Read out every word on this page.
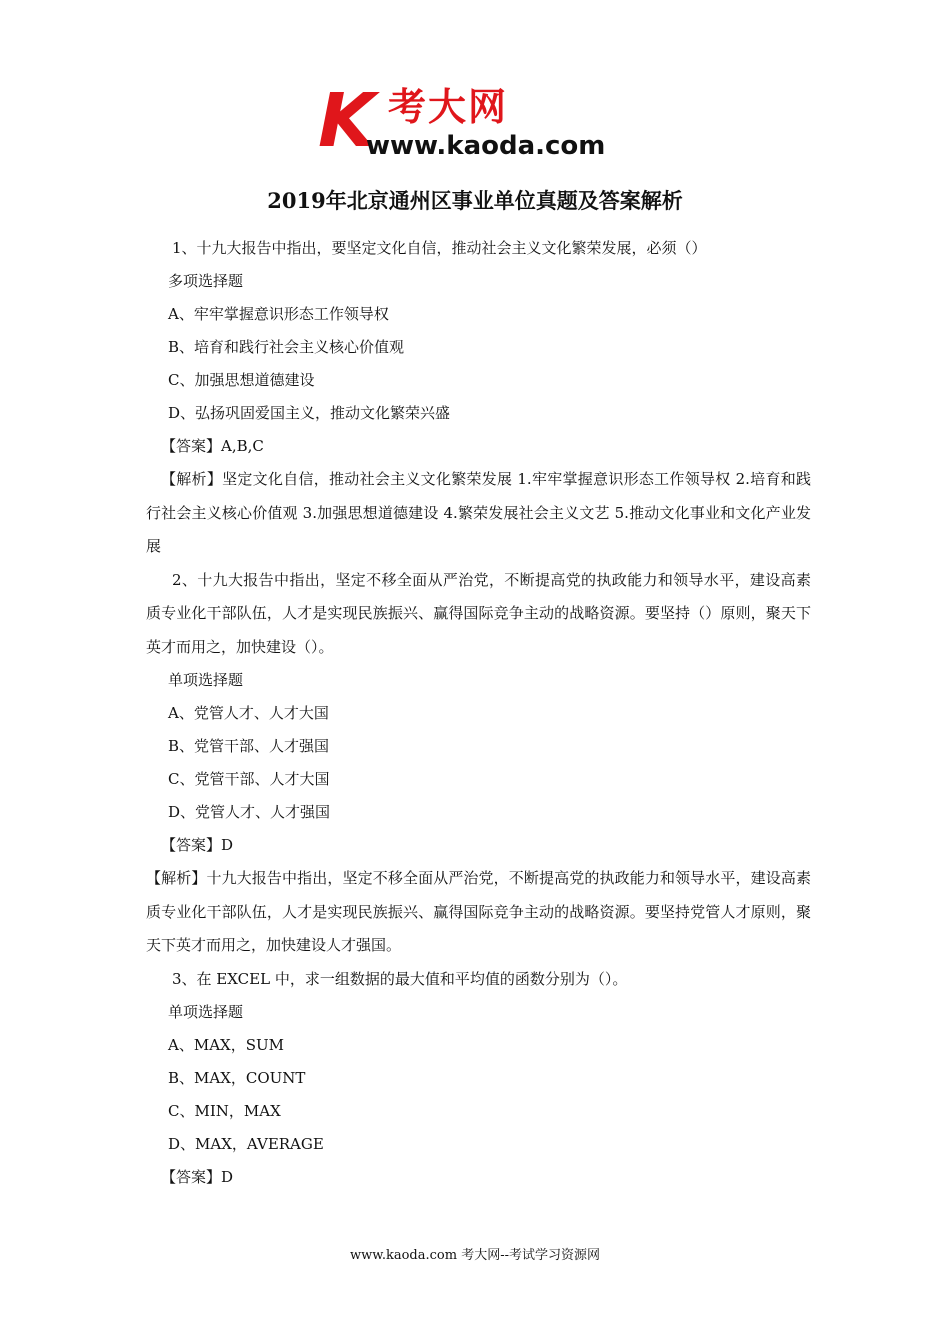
K 考大网
www.kaoda.com
2019年北京通州区事业单位真题及答案解析
1、十九大报告中指出，要坚定文化自信，推动社会主义文化繁荣发展，必须（）
多项选择题
A、牢牢掌握意识形态工作领导权
B、培育和践行社会主义核心价值观
C、加强思想道德建设
D、弘扬巩固爱国主义，推动文化繁荣兴盛
【答案】A,B,C
【解析】坚定文化自信，推动社会主义文化繁荣发展 1.牢牢掌握意识形态工作领导权 2.培育和践行社会主义核心价值观 3.加强思想道德建设 4.繁荣发展社会主义文艺 5.推动文化事业和文化产业发展
2、十九大报告中指出，坚定不移全面从严治党，不断提高党的执政能力和领导水平，建设高素质专业化干部队伍，人才是实现民族振兴、赢得国际竞争主动的战略资源。要坚持（）原则，聚天下英才而用之，加快建设（）。
单项选择题
A、党管人才、人才大国
B、党管干部、人才强国
C、党管干部、人才大国
D、党管人才、人才强国
【答案】D
【解析】十九大报告中指出，坚定不移全面从严治党，不断提高党的执政能力和领导水平，建设高素质专业化干部队伍，人才是实现民族振兴、赢得国际竞争主动的战略资源。要坚持党管人才原则，聚天下英才而用之，加快建设人才强国。
3、在 EXCEL 中，求一组数据的最大值和平均值的函数分别为（）。
单项选择题
A、MAX，SUM
B、MAX，COUNT
C、MIN，MAX
D、MAX，AVERAGE
【答案】D
www.kaoda.com 考大网--考试学习资源网
